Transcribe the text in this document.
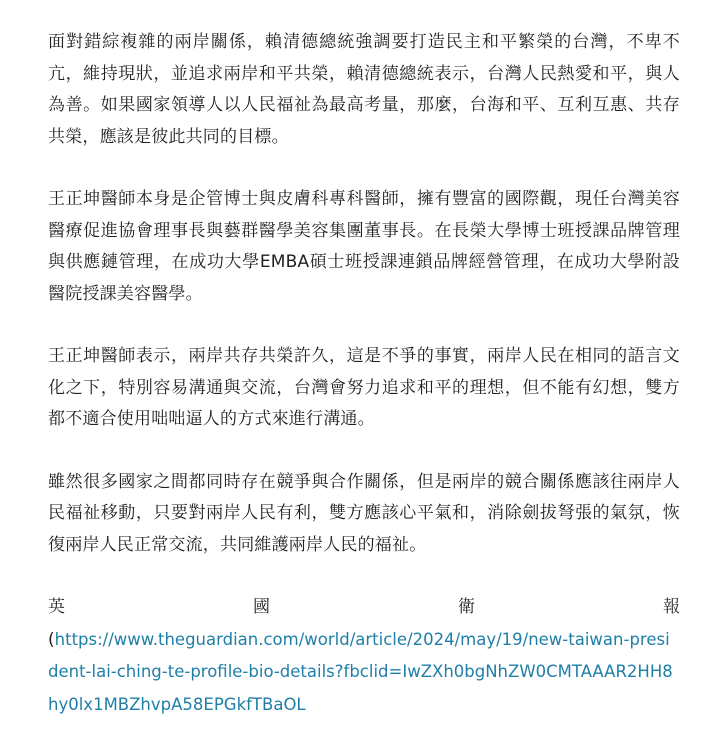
面對錯綜複雜的兩岸關係，賴清德總統強調要打造民主和平繁榮的台灣，不卑不亢，維持現狀，並追求兩岸和平共榮，賴清德總統表示，台灣人民熱愛和平，與人為善。如果國家領導人以人民福祉為最高考量，那麼，台海和平、互利互惠、共存共榮，應該是彼此共同的目標。

王正坤醫師本身是企管博士與皮膚科專科醫師，擁有豐富的國際觀，現任台灣美容醫療促進協會理事長與藝群醫學美容集團董事長。在長榮大學博士班授課品牌管理與供應鏈管理，在成功大學EMBA碩士班授課連鎖品牌經營管理，在成功大學附設醫院授課美容醫學。

王正坤醫師表示，兩岸共存共榮許久，這是不爭的事實，兩岸人民在相同的語言文化之下，特別容易溝通與交流，台灣會努力追求和平的理想，但不能有幻想，雙方都不適合使用咄咄逼人的方式來進行溝通。

雖然很多國家之間都同時存在競爭與合作關係，但是兩岸的競合關係應該往兩岸人民福祉移動，只要對兩岸人民有利，雙方應該心平氣和，消除劍拔弩張的氣氛，恢復兩岸人民正常交流，共同維護兩岸人民的福祉。

英	國	衛	報
(https://www.theguardian.com/world/article/2024/may/19/new-taiwan-president-lai-ching-te-profile-bio-details?fbclid=IwZXh0bgNhZW0CMTAAAR2HH8hy0lx1MBZhvpA58EPGkfTBaOL
